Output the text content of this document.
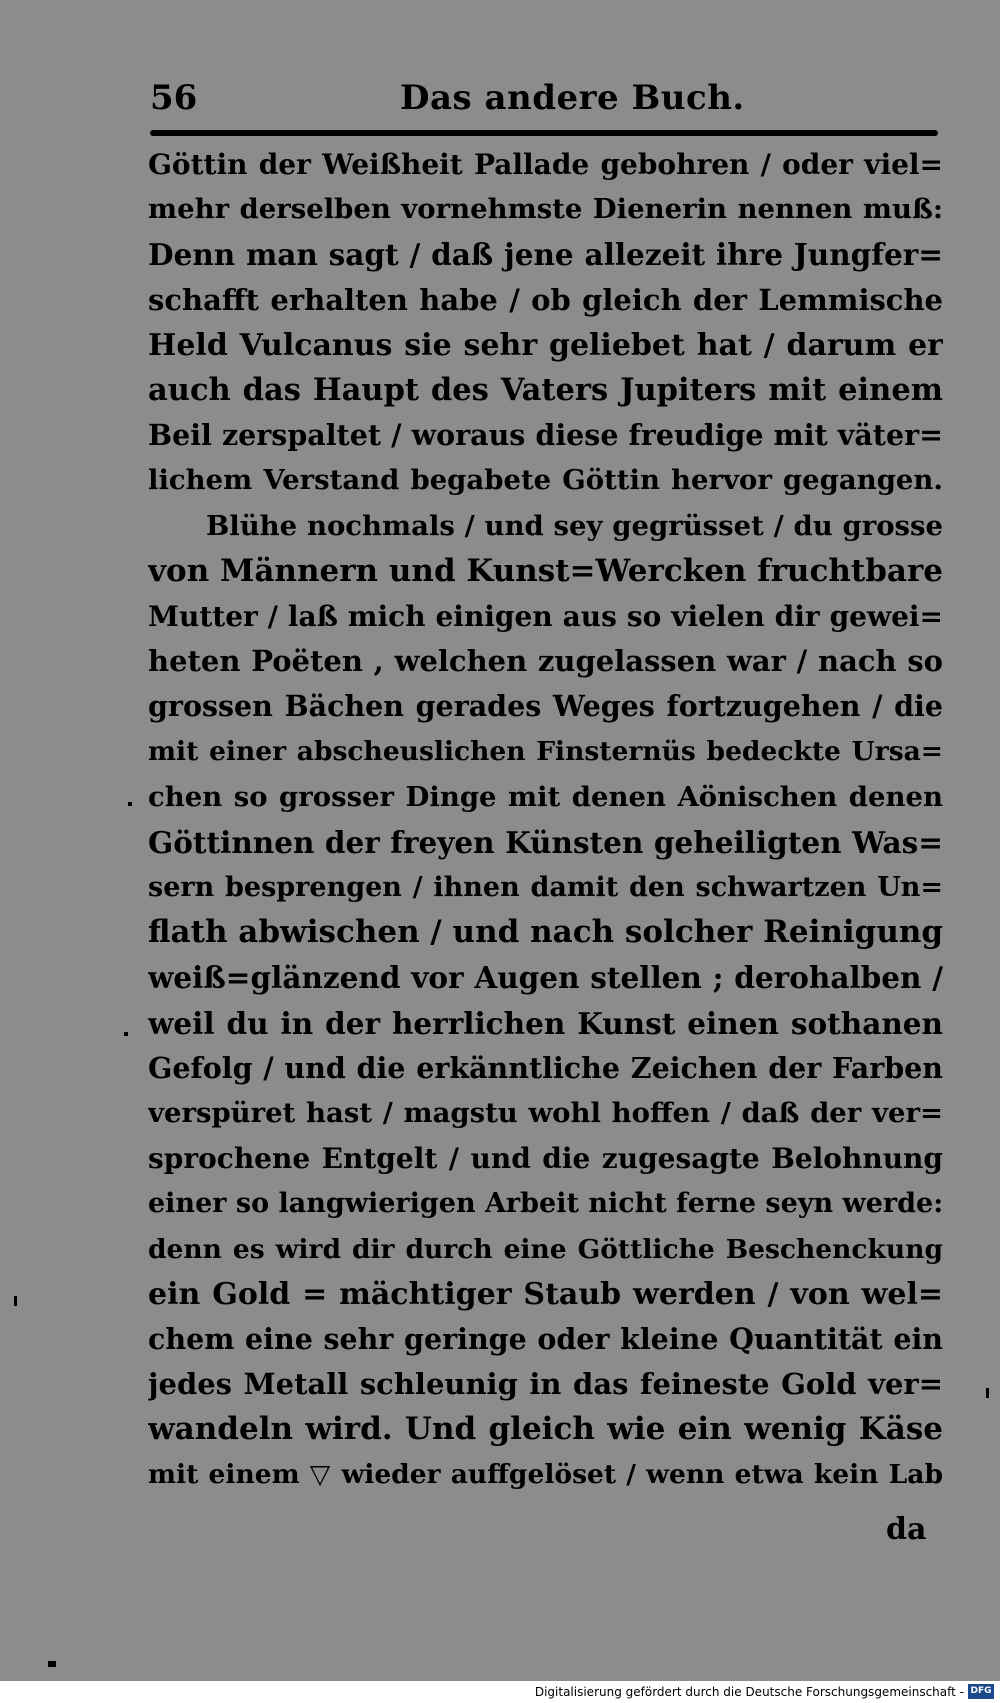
56	Das andere Buch.
Göttin der Weißheit Pallade gebohren / oder viel=
mehr derselben vornehmste Dienerin nennen muß:
Denn man sagt / daß jene allezeit ihre Jungfer=
schafft erhalten habe / ob gleich der Lemmische
Held Vulcanus sie sehr geliebet hat / darum er
auch das Haupt des Vaters Jupiters mit einem
Beil zerspaltet / woraus diese freudige mit väter=
lichem Verstand begabete Göttin hervor gegangen.
Blühe nochmals / und sey gegrüsset / du grosse
von Männern und Kunst=Wercken fruchtbare
Mutter / laß mich einigen aus so vielen dir gewei=
heten Poëten , welchen zugelassen war / nach so
grossen Bächen gerades Weges fortzugehen / die
mit einer abscheuslichen Finsternüs bedeckte Ursa=
chen so grosser Dinge mit denen Aönischen denen
Göttinnen der freyen Künsten geheiligten Was=
sern besprengen / ihnen damit den schwartzen Un=
flath abwischen / und nach solcher Reinigung
weiß=glänzend vor Augen stellen ; derohalben /
weil du in der herrlichen Kunst einen sothanen
Gefolg / und die erkänntliche Zeichen der Farben
verspüret hast / magstu wohl hoffen / daß der ver=
sprochene Entgelt / und die zugesagte Belohnung
einer so langwierigen Arbeit nicht ferne seyn werde:
denn es wird dir durch eine Göttliche Beschenckung
ein Gold = mächtiger Staub werden / von wel=
chem eine sehr geringe oder kleine Quantität ein
jedes Metall schleunig in das feineste Gold ver=
wandeln wird. Und gleich wie ein wenig Käse
mit einem ▽ wieder auffgelöset / wenn etwa kein Lab
da
Digitalisierung gefördert durch die Deutsche Forschungsgemeinschaft - DFG
